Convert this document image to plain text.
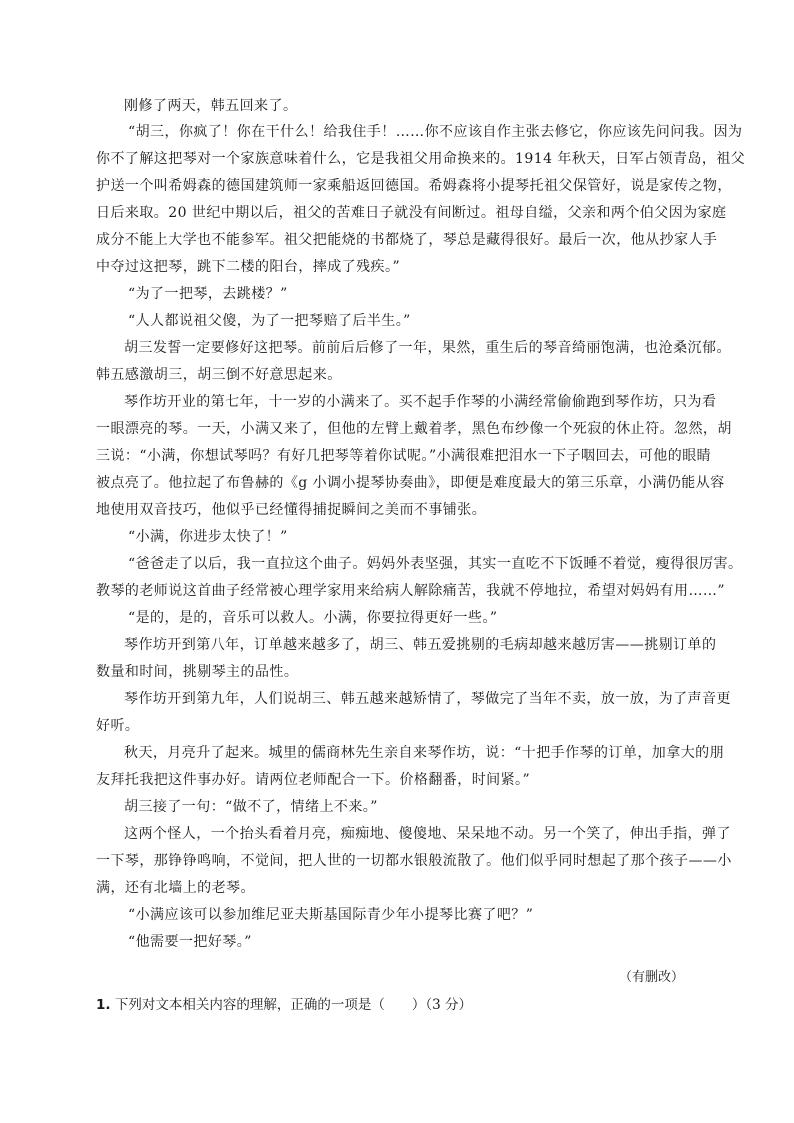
刚修了两天，韩五回来了。
“胡三，你疯了！你在干什么！给我住手！……你不应该自作主张去修它，你应该先问问我。因为
你不了解这把琴对一个家族意味着什么，它是我祖父用命换来的。1914 年秋天，日军占领青岛，祖父
护送一个叫希姆森的德国建筑师一家乘船返回德国。希姆森将小提琴托祖父保管好，说是家传之物，
日后来取。20 世纪中期以后，祖父的苦难日子就没有间断过。祖母自缢，父亲和两个伯父因为家庭
成分不能上大学也不能参军。祖父把能烧的书都烧了，琴总是藏得很好。最后一次，他从抄家人手
中夺过这把琴，跳下二楼的阳台，摔成了残疾。”
“为了一把琴，去跳楼？”
“人人都说祖父傻，为了一把琴赔了后半生。”
胡三发誓一定要修好这把琴。前前后后修了一年，果然，重生后的琴音绮丽饱满，也沧桑沉郁。
韩五感激胡三，胡三倒不好意思起来。
琴作坊开业的第七年，十一岁的小满来了。买不起手作琴的小满经常偷偷跑到琴作坊，只为看
一眼漂亮的琴。一天，小满又来了，但他的左臂上戴着孝，黑色布纱像一个死寂的休止符。忽然，胡
三说：“小满，你想试琴吗？有好几把琴等着你试呢。”小满很难把泪水一下子咽回去，可他的眼睛
被点亮了。他拉起了布鲁赫的《g 小调小提琴协奏曲》，即便是难度最大的第三乐章，小满仍能从容
地使用双音技巧，他似乎已经懂得捕捉瞬间之美而不事铺张。
“小满，你进步太快了！”
“爸爸走了以后，我一直拉这个曲子。妈妈外表坚强，其实一直吃不下饭睡不着觉，瘦得很厉害。
教琴的老师说这首曲子经常被心理学家用来给病人解除痛苦，我就不停地拉，希望对妈妈有用……”
“是的，是的，音乐可以救人。小满，你要拉得更好一些。”
琴作坊开到第八年，订单越来越多了，胡三、韩五爱挑剔的毛病却越来越厉害——挑剔订单的
数量和时间，挑剔琴主的品性。
琴作坊开到第九年，人们说胡三、韩五越来越矫情了，琴做完了当年不卖，放一放，为了声音更
好听。
秋天，月亮升了起来。城里的儒商林先生亲自来琴作坊，说：“十把手作琴的订单，加拿大的朋
友拜托我把这件事办好。请两位老师配合一下。价格翻番，时间紧。”
胡三接了一句：“做不了，情绪上不来。”
这两个怪人，一个抬头看着月亮，痴痴地、傻傻地、呆呆地不动。另一个笑了，伸出手指，弹了
一下琴，那铮铮鸣响，不觉间，把人世的一切都水银般流散了。他们似乎同时想起了那个孩子——小
满，还有北墙上的老琴。
“小满应该可以参加维尼亚夫斯基国际青少年小提琴比赛了吧？”
“他需要一把好琴。”
（有删改）
1. 下列对文本相关内容的理解，正确的一项是（　　）（3 分）
